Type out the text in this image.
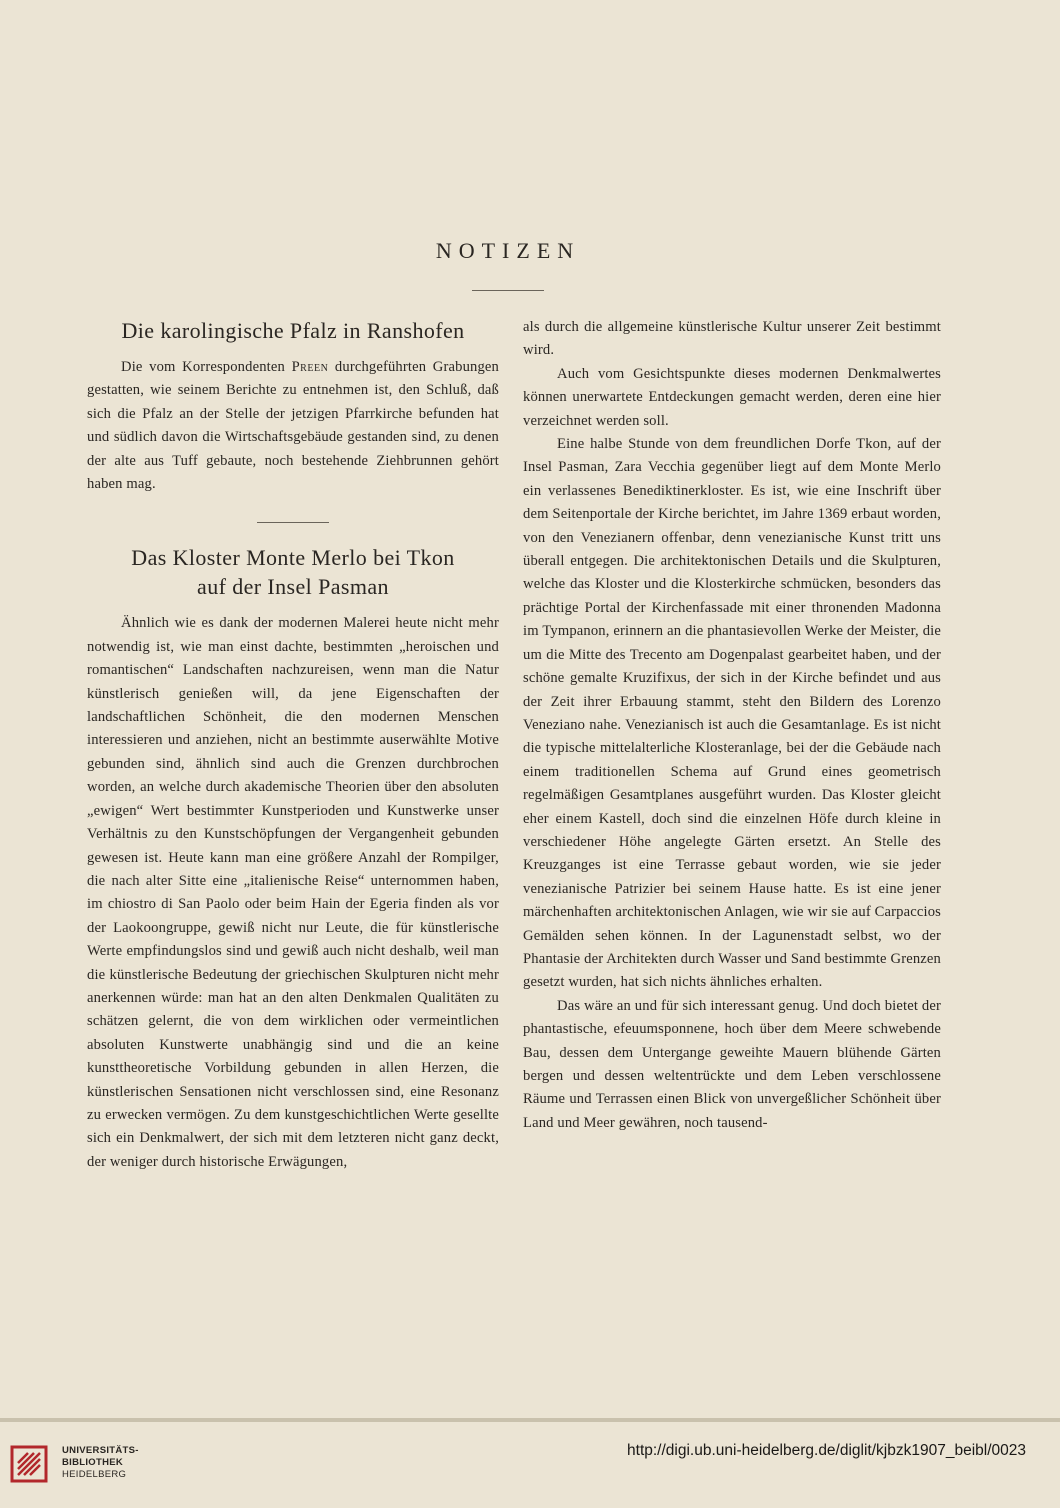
NOTIZEN
Die karolingische Pfalz in Ranshofen

Die vom Korrespondenten Preen durchgeführten Grabungen gestatten, wie seinem Berichte zu entnehmen ist, den Schluß, daß sich die Pfalz an der Stelle der jetzigen Pfarrkirche befunden hat und südlich davon die Wirtschaftsgebäude gestanden sind, zu denen der alte aus Tuff gebaute, noch bestehende Ziehbrunnen gehört haben mag.

Das Kloster Monte Merlo bei Tkon
auf der Insel Pasman

Ähnlich wie es dank der modernen Malerei heute nicht mehr notwendig ist, wie man einst dachte, bestimmten „heroischen und romantischen“ Landschaften nachzureisen, wenn man die Natur künstlerisch genießen will, da jene Eigenschaften der landschaftlichen Schönheit, die den modernen Menschen interessieren und anziehen, nicht an bestimmte auserwählte Motive gebunden sind, ähnlich sind auch die Grenzen durchbrochen worden, an welche durch akademische Theorien über den absoluten „ewigen“ Wert bestimmter Kunstperioden und Kunstwerke unser Verhältnis zu den Kunstschöpfungen der Vergangenheit gebunden gewesen ist. Heute kann man eine größere Anzahl der Rompilger, die nach alter Sitte eine „italienische Reise“ unternommen haben, im chiostro di San Paolo oder beim Hain der Egeria finden als vor der Laokoongruppe, gewiß nicht nur Leute, die für künstlerische Werte empfindungslos sind und gewiß auch nicht deshalb, weil man die künstlerische Bedeutung der griechischen Skulpturen nicht mehr anerkennen würde: man hat an den alten Denkmalen Qualitäten zu schätzen gelernt, die von dem wirklichen oder vermeintlichen absoluten Kunstwerte unabhängig sind und die an keine kunsttheoretische Vorbildung gebunden in allen Herzen, die künstlerischen Sensationen nicht verschlossen sind, eine Resonanz zu erwecken vermögen. Zu dem kunstgeschichtlichen Werte gesellte sich ein Denkmalwert, der sich mit dem letzteren nicht ganz deckt, der weniger durch historische Erwägungen,

als durch die allgemeine künstlerische Kultur unserer Zeit bestimmt wird.

Auch vom Gesichtspunkte dieses modernen Denkmalwertes können unerwartete Entdeckungen gemacht werden, deren eine hier verzeichnet werden soll.

Eine halbe Stunde von dem freundlichen Dorfe Tkon, auf der Insel Pasman, Zara Vecchia gegenüber liegt auf dem Monte Merlo ein verlassenes Benediktinerkloster. Es ist, wie eine Inschrift über dem Seitenportale der Kirche berichtet, im Jahre 1369 erbaut worden, von den Venezianern offenbar, denn venezianische Kunst tritt uns überall entgegen. Die architektonischen Details und die Skulpturen, welche das Kloster und die Klosterkirche schmücken, besonders das prächtige Portal der Kirchenfassade mit einer thronenden Madonna im Tympanon, erinnern an die phantasievollen Werke der Meister, die um die Mitte des Trecento am Dogenpalast gearbeitet haben, und der schöne gemalte Kruzifixus, der sich in der Kirche befindet und aus der Zeit ihrer Erbauung stammt, steht den Bildern des Lorenzo Veneziano nahe. Venezianisch ist auch die Gesamtanlage. Es ist nicht die typische mittelalterliche Klosteranlage, bei der die Gebäude nach einem traditionellen Schema auf Grund eines geometrisch regelmäßigen Gesamtplanes ausgeführt wurden. Das Kloster gleicht eher einem Kastell, doch sind die einzelnen Höfe durch kleine in verschiedener Höhe angelegte Gärten ersetzt. An Stelle des Kreuzganges ist eine Terrasse gebaut worden, wie sie jeder venezianische Patrizier bei seinem Hause hatte. Es ist eine jener märchenhaften architektonischen Anlagen, wie wir sie auf Carpaccios Gemälden sehen können. In der Lagunenstadt selbst, wo der Phantasie der Architekten durch Wasser und Sand bestimmte Grenzen gesetzt wurden, hat sich nichts ähnliches erhalten.

Das wäre an und für sich interessant genug. Und doch bietet der phantastische, efeuumsponnene, hoch über dem Meere schwebende Bau, dessen dem Untergange geweihte Mauern blühende Gärten bergen und dessen weltentrückte und dem Leben verschlossene Räume und Terrassen einen Blick von unvergeßlicher Schönheit über Land und Meer gewähren, noch tausend-

UNIVERSITÄTS-
BIBLIOTHEK
HEIDELBERG
http://digi.ub.uni-heidelberg.de/diglit/kjbzk1907_beibl/0023
